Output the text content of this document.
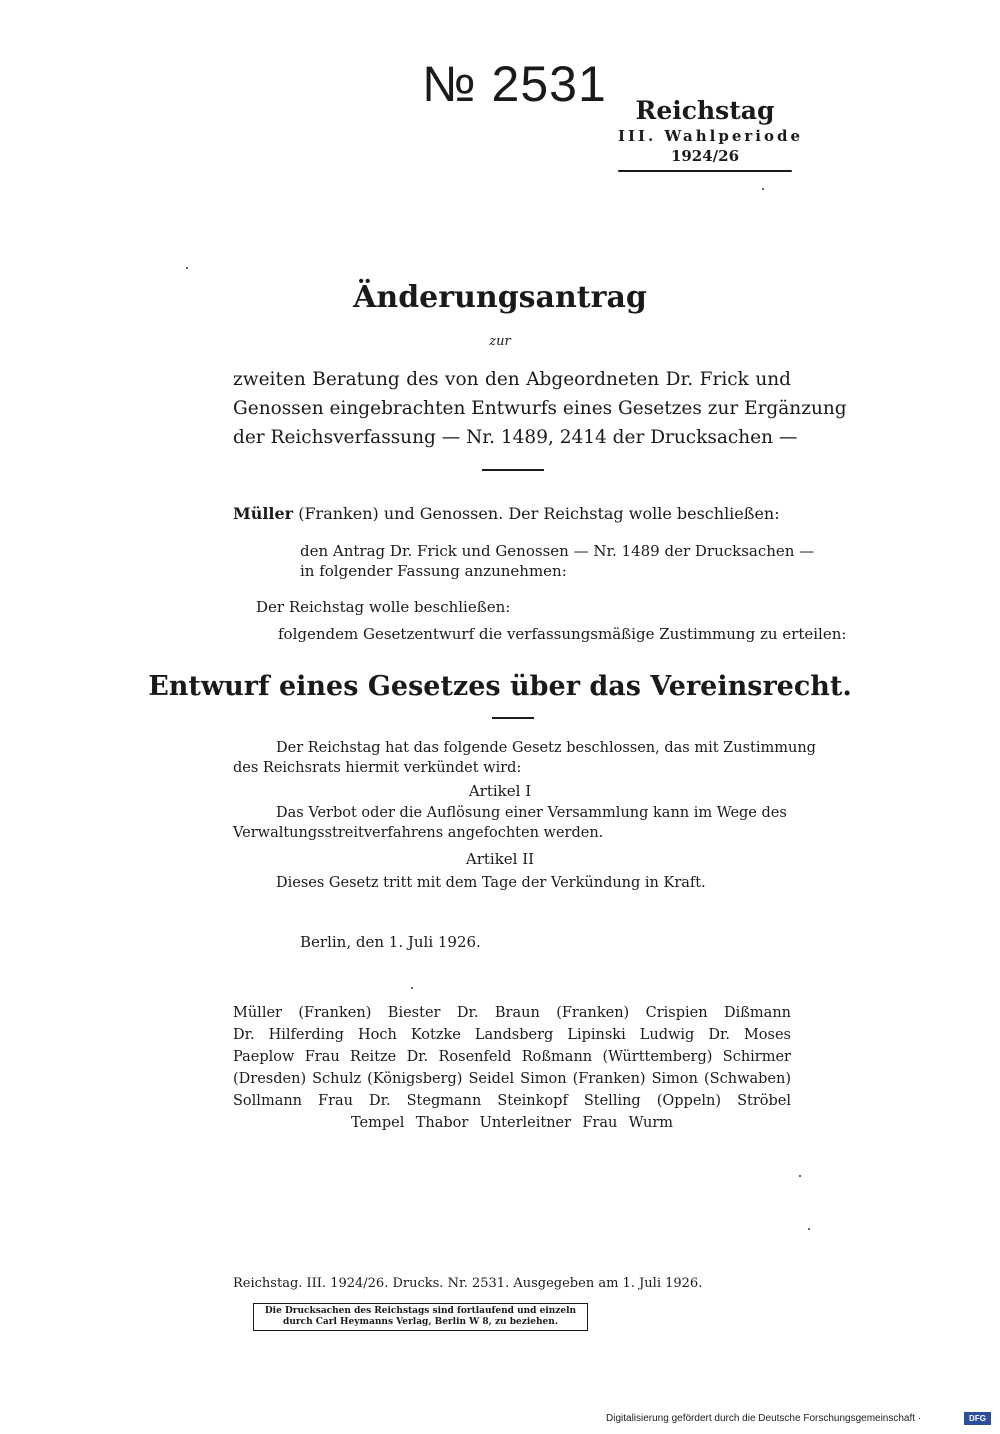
№ 2531	Reichstag
III. Wahlperiode
1924/26
Änderungsantrag
zur
zweiten Beratung des von den Abgeordneten Dr. Frick und
Genossen eingebrachten Entwurfs eines Gesetzes zur Ergänzung
der Reichsverfassung — Nr. 1489, 2414 der Drucksachen —
Müller (Franken) und Genossen. Der Reichstag wolle beschließen:
den Antrag Dr. Frick und Genossen — Nr. 1489 der Drucksachen —
in folgender Fassung anzunehmen:
Der Reichstag wolle beschließen:
folgendem Gesetzentwurf die verfassungsmäßige Zustimmung zu erteilen:
Entwurf eines Gesetzes über das Vereinsrecht.
Der Reichstag hat das folgende Gesetz beschlossen, das mit Zustimmung
des Reichsrats hiermit verkündet wird:
Artikel I
Das Verbot oder die Auflösung einer Versammlung kann im Wege des
Verwaltungsstreitverfahrens angefochten werden.
Artikel II
Dieses Gesetz tritt mit dem Tage der Verkündung in Kraft.
Berlin, den 1. Juli 1926.
Müller (Franken) Biester Dr. Braun (Franken) Crispien Dißmann
Dr. Hilferding Hoch Kotzke Landsberg Lipinski Ludwig Dr. Moses
Paeplow Frau Reitze Dr. Rosenfeld Roßmann (Württemberg) Schirmer
(Dresden) Schulz (Königsberg) Seidel Simon (Franken) Simon (Schwaben)
Sollmann Frau Dr. Stegmann Steinkopf Stelling (Oppeln) Ströbel
Tempel Thabor Unterleitner Frau Wurm
Reichstag. III. 1924/26. Drucks. Nr. 2531. Ausgegeben am 1. Juli 1926.
Die Drucksachen des Reichstags sind fortlaufend und einzeln
durch Carl Heymanns Verlag, Berlin W 8, zu beziehen.
Digitalisierung gefördert durch die Deutsche Forschungsgemeinschaft ·	DFG
